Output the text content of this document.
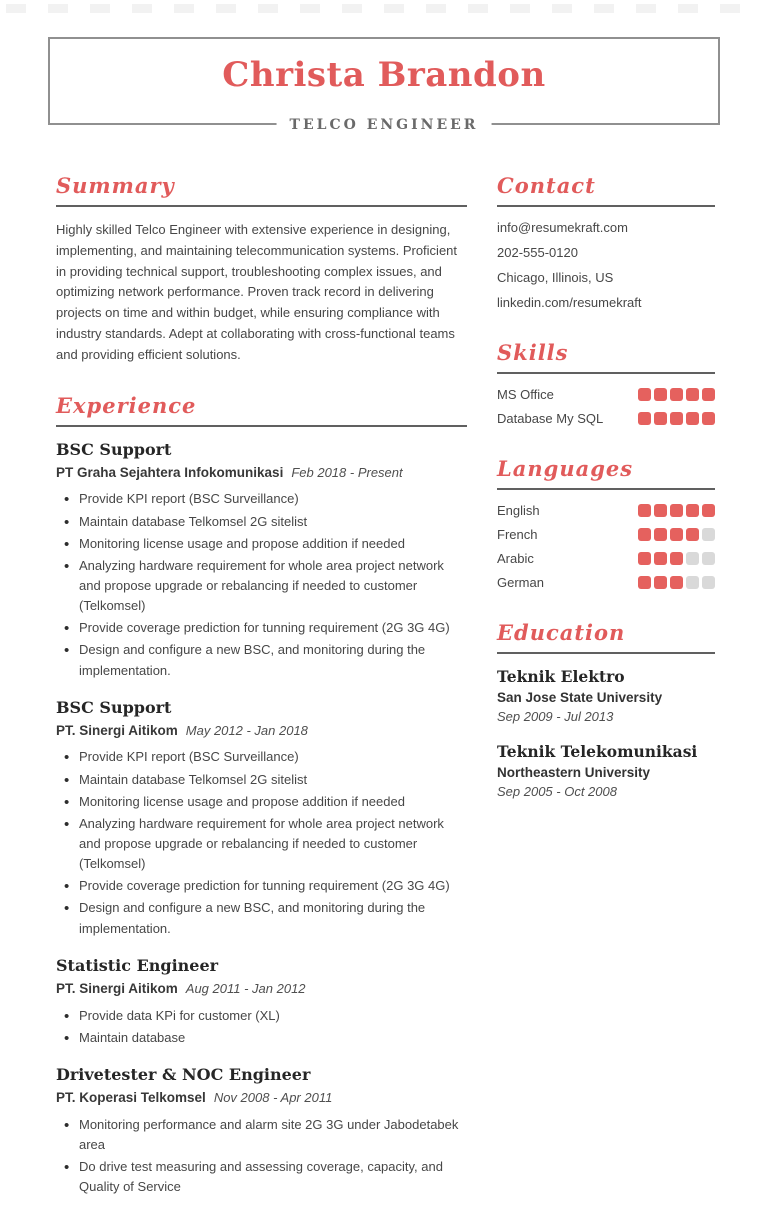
Christa Brandon
TELCO ENGINEER
Summary

Highly skilled Telco Engineer with extensive experience in designing, implementing, and maintaining telecommunication systems. Proficient in providing technical support, troubleshooting complex issues, and optimizing network performance. Proven track record in delivering projects on time and within budget, while ensuring compliance with industry standards. Adept at collaborating with cross-functional teams and providing efficient solutions.

Experience
BSC Support
PT Graha Sejahtera Infokomunikasi Feb 2018 - Present
• Provide KPI report (BSC Surveillance)
• Maintain database Telkomsel 2G sitelist
• Monitoring license usage and propose addition if needed
• Analyzing hardware requirement for whole area project network and propose upgrade or rebalancing if needed to customer (Telkomsel)
• Provide coverage prediction for tunning requirement (2G 3G 4G)
• Design and configure a new BSC, and monitoring during the implementation.
BSC Support
PT. Sinergi Aitikom May 2012 - Jan 2018
• Provide KPI report (BSC Surveillance)
• Maintain database Telkomsel 2G sitelist
• Monitoring license usage and propose addition if needed
• Analyzing hardware requirement for whole area project network and propose upgrade or rebalancing if needed to customer (Telkomsel)
• Provide coverage prediction for tunning requirement (2G 3G 4G)
• Design and configure a new BSC, and monitoring during the implementation.
Statistic Engineer
PT. Sinergi Aitikom Aug 2011 - Jan 2012
• Provide data KPi for customer (XL)
• Maintain database
Drivetester & NOC Engineer
PT. Koperasi Telkomsel Nov 2008 - Apr 2011
• Monitoring performance and alarm site 2G 3G under Jabodetabek area
• Do drive test measuring and assessing coverage, capacity, and Quality of Service
Contact
info@resumekraft.com
202-555-0120
Chicago, Illinois, US
linkedin.com/resumekraft
Skills
MS Office
Database My SQL
Languages
English
French
Arabic
German
Education
Teknik Elektro
San Jose State University
Sep 2009 - Jul 2013
Teknik Telekomunikasi
Northeastern University
Sep 2005 - Oct 2008
